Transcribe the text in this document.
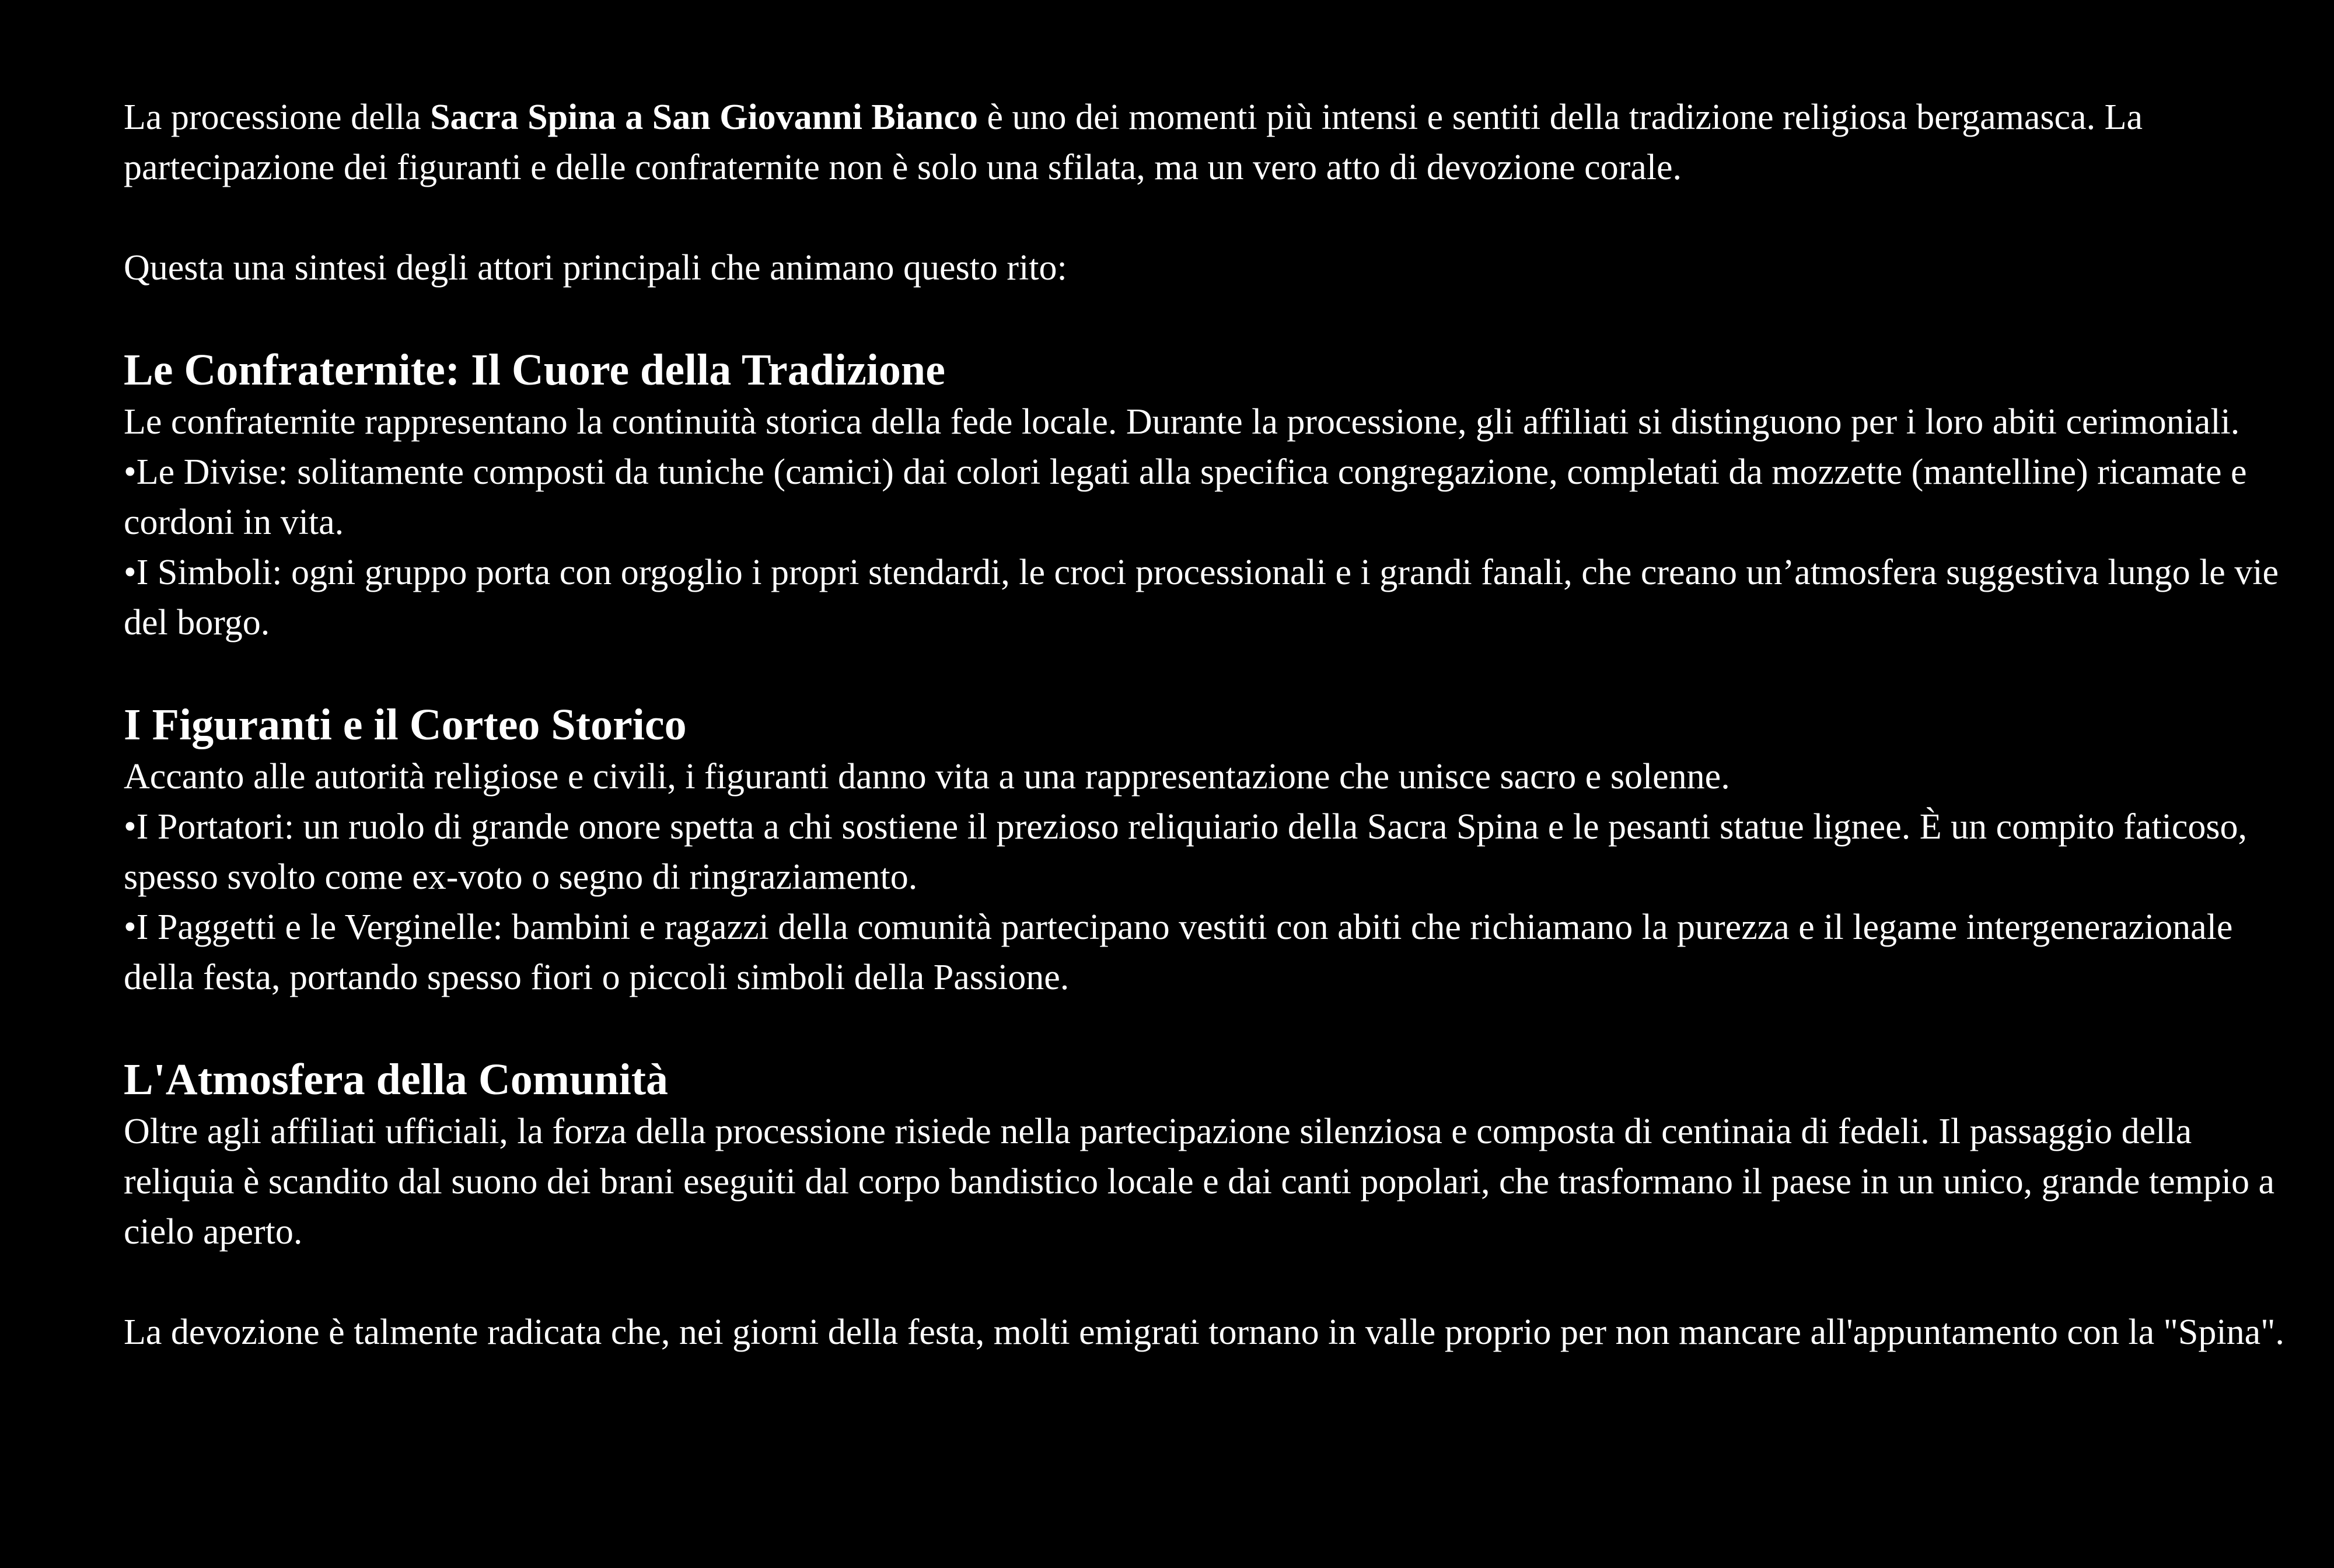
La processione della Sacra Spina a San Giovanni Bianco è uno dei momenti più intensi e sentiti della tradizione religiosa bergamasca. La partecipazione dei figuranti e delle confraternite non è solo una sfilata, ma un vero atto di devozione corale.

Questa una sintesi degli attori principali che animano questo rito:

Le Confraternite: Il Cuore della Tradizione

Le confraternite rappresentano la continuità storica della fede locale. Durante la processione, gli affiliati si distinguono per i loro abiti cerimoniali.

•Le Divise: solitamente composti da tuniche (camici) dai colori legati alla specifica congregazione, completati da mozzette (mantelline) ricamate e cordoni in vita.

•I Simboli: ogni gruppo porta con orgoglio i propri stendardi, le croci processionali e i grandi fanali, che creano un’atmosfera suggestiva lungo le vie del borgo.

I Figuranti e il Corteo Storico

Accanto alle autorità religiose e civili, i figuranti danno vita a una rappresentazione che unisce sacro e solenne.

•I Portatori: un ruolo di grande onore spetta a chi sostiene il prezioso reliquiario della Sacra Spina e le pesanti statue lignee. È un compito faticoso, spesso svolto come ex-voto o segno di ringraziamento.

•I Paggetti e le Verginelle: bambini e ragazzi della comunità partecipano vestiti con abiti che richiamano la purezza e il legame intergenerazionale della festa, portando spesso fiori o piccoli simboli della Passione.

L'Atmosfera della Comunità

Oltre agli affiliati ufficiali, la forza della processione risiede nella partecipazione silenziosa e composta di centinaia di fedeli. Il passaggio della reliquia è scandito dal suono dei brani eseguiti dal corpo bandistico locale e dai canti popolari, che trasformano il paese in un unico, grande tempio a cielo aperto.

La devozione è talmente radicata che, nei giorni della festa, molti emigrati tornano in valle proprio per non mancare all'appuntamento con la "Spina".
